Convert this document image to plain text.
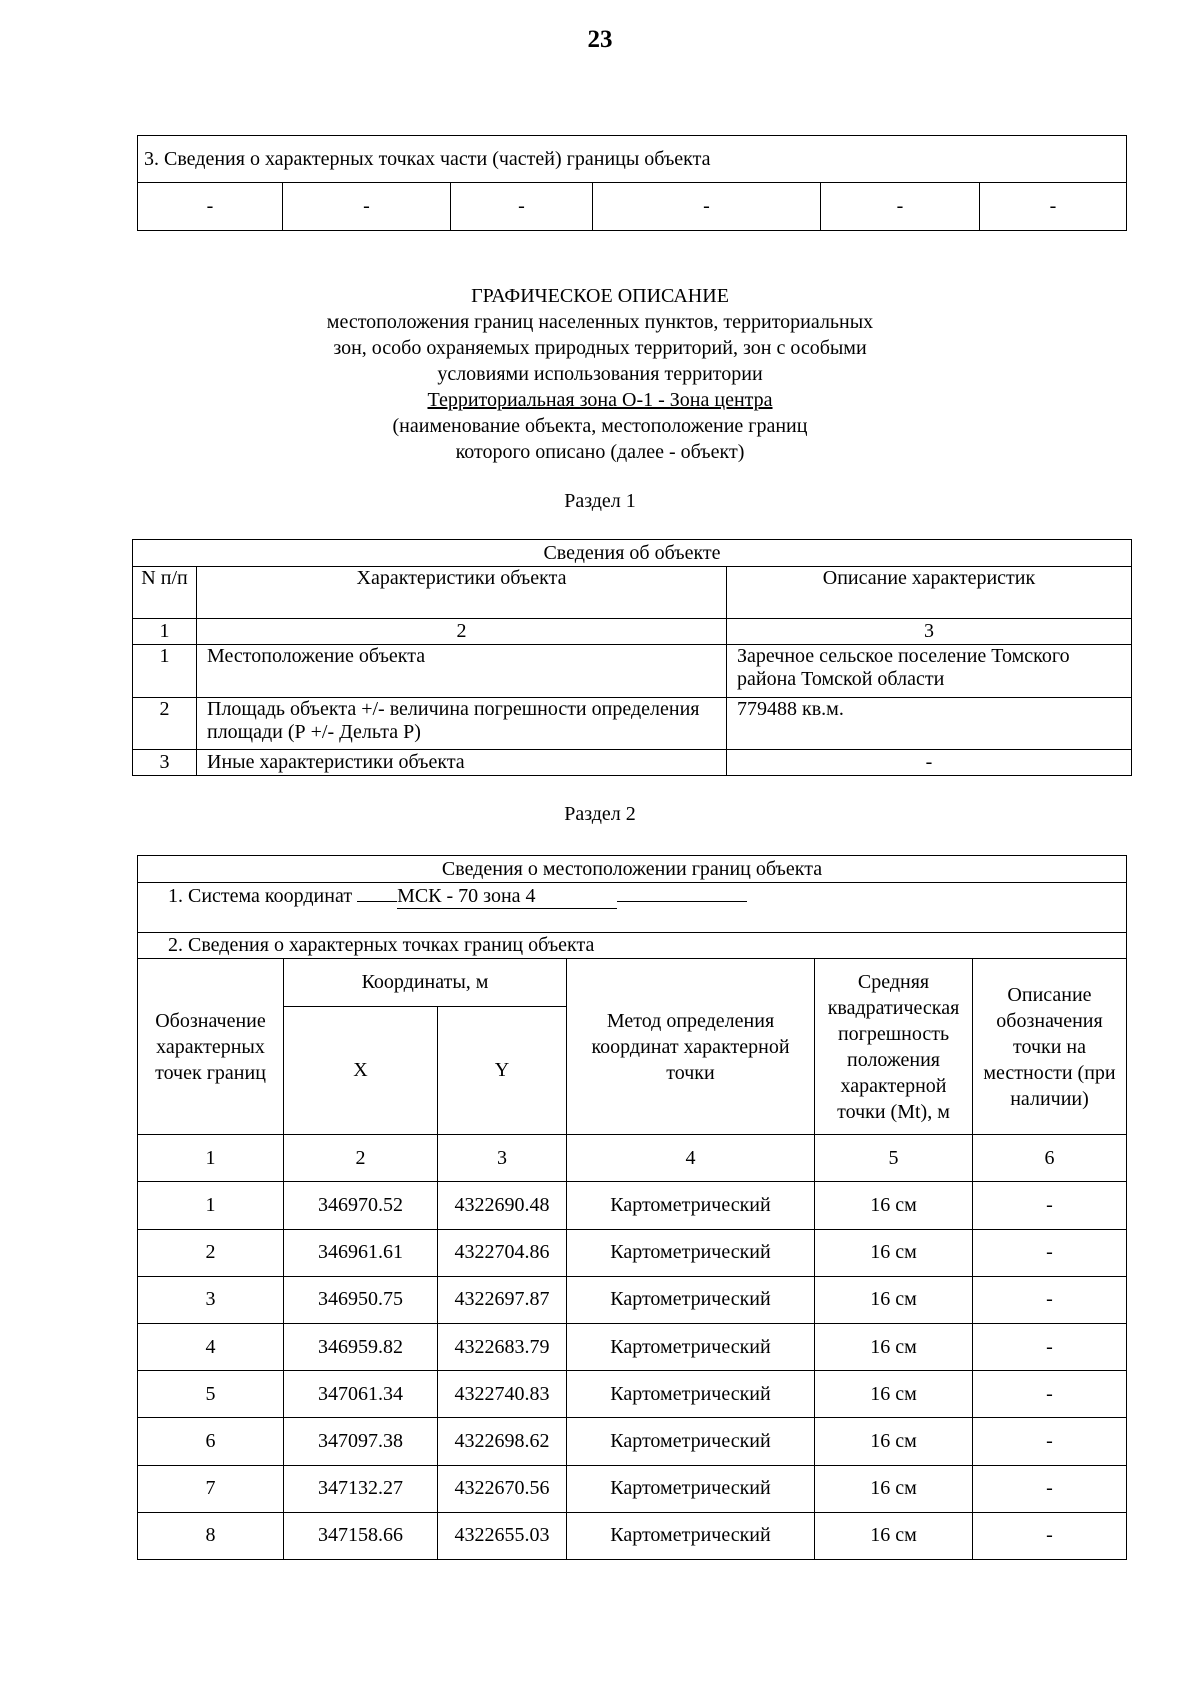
23
3. Сведения о характерных точках части (частей) границы объекта
-	-	-	-	-	-
ГРАФИЧЕСКОЕ ОПИСАНИЕ
местоположения границ населенных пунктов, территориальных
зон, особо охраняемых природных территорий, зон с особыми
условиями использования территории
Территориальная зона О-1 - Зона центра
(наименование объекта, местоположение границ
которого описано (далее - объект)
Раздел 1
Сведения об объекте		
N п/п	Характеристики объекта	Описание характеристик
1	2	3
1	Местоположение объекта	Заречное сельское поселение Томского района Томской области
2	Площадь объекта +/- величина погрешности определения площади (Р +/- Дельта Р)	779488 кв.м.
3	Иные характеристики объекта	-
Раздел 2
Сведения о местоположении границ объекта					
1. Система координат МСК - 70 зона 4					
2. Сведения о характерных точках границ объекта					
Обозначение характерных точек границ	Координаты, м		Метод определения координат характерной точки	Средняя квадратическая погрешность положения характерной точки (Mt), м	Описание обозначения точки на местности (при наличии)
	X	Y			
1	2	3	4	5	6
1	346970.52	4322690.48	Картометрический	16 см	-
2	346961.61	4322704.86	Картометрический	16 см	-
3	346950.75	4322697.87	Картометрический	16 см	-
4	346959.82	4322683.79	Картометрический	16 см	-
5	347061.34	4322740.83	Картометрический	16 см	-
6	347097.38	4322698.62	Картометрический	16 см	-
7	347132.27	4322670.56	Картометрический	16 см	-
8	347158.66	4322655.03	Картометрический	16 см	-
